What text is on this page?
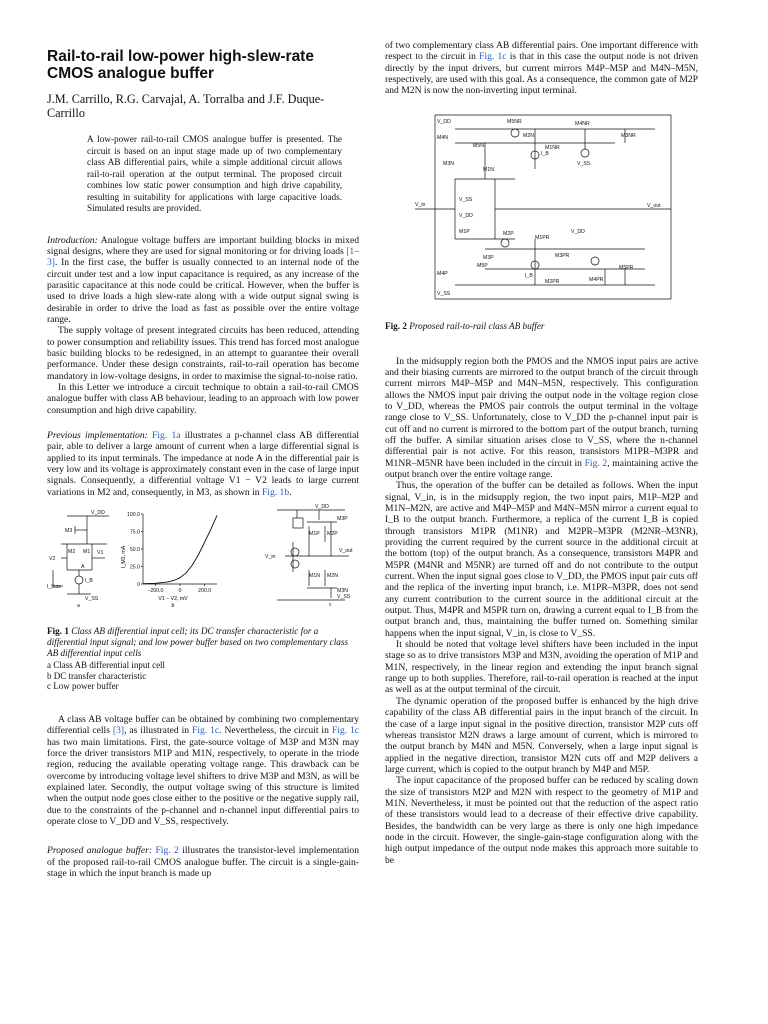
Rail-to-rail low-power high-slew-rate CMOS analogue buffer
J.M. Carrillo, R.G. Carvajal, A. Torralba and J.F. Duque-Carrillo
A low-power rail-to-rail CMOS analogue buffer is presented. The circuit is based on an input stage made up of two complementary class AB differential pairs, while a simple additional circuit allows rail-to-rail operation at the output terminal. The proposed circuit combines low static power consumption and high drive capability, resulting in suitability for applications with large capacitive loads. Simulated results are provided.

Introduction: Analogue voltage buffers are important building blocks in mixed signal designs, where they are used for signal monitoring or for driving loads [1–3]. In the first case, the buffer is usually connected to an internal node of the circuit under test and a low input capacitance is required, as any increase of the parasitic capacitance at this node could be critical. However, when the buffer is used to drive loads a high slew-rate along with a wide output signal swing is desirable in order to drive the load as fast as possible over the entire voltage range.

The supply voltage of present integrated circuits has been reduced, attending to power consumption and reliability issues. This trend has forced most analogue basic building blocks to be redesigned, in an attempt to guarantee their overall performance. Under these design constraints, rail-to-rail operation has become mandatory in low-voltage designs, in order to maximise the signal-to-noise ratio.

In this Letter we introduce a circuit technique to obtain a rail-to-rail CMOS analogue buffer with class AB behaviour, leading to an approach with low power consumption and high drive capability.

Previous implementation: Fig. 1a illustrates a p-channel class AB differential pair, able to deliver a large amount of current when a large differential signal is applied to its input terminals. The impedance at node A in the differential pair is very low and its voltage is approximately constant even in the case of large input signals. Consequently, a differential voltage V1 − V2 leads to large current variations in M2 and, consequently, in M3, as shown in Fig. 1b.

V_DD
M3
V2
M2 M1 V1
A
I_bias
I_B
V_SS
a
100.0
75.0
50.0
25.0
0
−200.0	0	200.0
I_M3, mA
V1 − V2, mV
b
V_DD
M3P
M1P M2P
V_in
V_out
M1N M2N
M3N
V_SS
c
Fig. 1 Class AB differential input cell; its DC transfer characteristic for a differential input signal; and low power buffer based on two complementary class AB differential input cells
a Class AB differential input cell
b DC transfer characteristic
c Low power buffer

A class AB voltage buffer can be obtained by combining two complementary differential cells [3], as illustrated in Fig. 1c. Nevertheless, the circuit in Fig. 1c has two main limitations. First, the gate-source voltage of M3P and M3N may force the driver transistors M1P and M1N, respectively, to operate in the triode region, reducing the available operating voltage range. This drawback can be overcome by introducing voltage level shifters to drive M3P and M3N, as will be explained later. Secondly, the output voltage swing of this structure is limited when the output node goes close either to the positive or the negative supply rail, due to the constraints of the p-channel and n-channel input differential pairs to operate close to V_DD and V_SS, respectively.

Proposed analogue buffer: Fig. 2 illustrates the transistor-level implementation of the proposed rail-to-rail CMOS analogue buffer. The circuit is a single-gain-stage in which the input branch is made up

of two complementary class AB differential pairs. One important difference with respect to the circuit in Fig. 1c is that in this case the output node is not driven directly by the input drivers, but current mirrors M4P–M5P and M4N–M5N, respectively, are used with this goal. As a consequence, the common gate of M2P and M2N is now the non-inverting input terminal.

V_DD	M5NR	M4NR
M3NR
M4N
M5N
M2N
I_B
M1NR
V_SS
M3N
M1N
V_in
V_SS
V_DD
V_out
M1P	M2P
M1PR
V_DD
M3P	M3PR
I_B
M2PR
M4P
M5P	M5PR
M4PR
V_SS
Fig. 2 Proposed rail-to-rail class AB buffer

In the midsupply region both the PMOS and the NMOS input pairs are active and their biasing currents are mirrored to the output branch of the circuit through current mirrors M4P–M5P and M4N–M5N, respectively. This configuration allows the NMOS input pair driving the output node in the voltage region close to V_DD, whereas the PMOS pair controls the output terminal in the voltage range close to V_SS. Unfortunately, close to V_DD the p-channel input pair is cut off and no current is mirrored to the bottom part of the output branch, turning off the buffer. A similar situation arises close to V_SS, where the n-channel differential pair is not active. For this reason, transistors M1PR–M3PR and M1NR–M5NR have been included in the circuit in Fig. 2, maintaining active the output branch over the entire voltage range.

Thus, the operation of the buffer can be detailed as follows. When the input signal, V_in, is in the midsupply region, the two input pairs, M1P–M2P and M1N–M2N, are active and M4P–M5P and M4N–M5N mirror a current equal to I_B to the output branch. Furthermore, a replica of the current I_B is copied through transistors M1PR (M1NR) and M2PR–M3PR (M2NR–M3NR), providing the current required by the current source in the additional circuit at the bottom (top) of the output branch. As a consequence, transistors M4PR and M5PR (M4NR and M5NR) are turned off and do not contribute to the output current. When the input signal goes close to V_DD, the PMOS input pair cuts off and the replica of the inverting input branch, i.e. M1PR–M3PR, does not send any current contribution to the current source in the additional circuit at the output. Thus, M4PR and M5PR turn on, drawing a current equal to I_B from the output branch and, thus, maintaining the buffer turned on. Something similar happens when the input signal, V_in, is close to V_SS.

It should be noted that voltage level shifters have been included in the input stage so as to drive transistors M3P and M3N, avoiding the operation of M1P and M1N, respectively, in the linear region and extending the input branch signal range up to both supplies. Therefore, rail-to-rail operation is reached at the input as well as at the output terminal of the circuit.

The dynamic operation of the proposed buffer is enhanced by the high drive capability of the class AB differential pairs in the input branch of the circuit. In the case of a large input signal in the positive direction, transistor M2P cuts off whereas transistor M2N draws a large amount of current, which is mirrored to the output branch by M4N and M5N. Conversely, when a large input signal is applied in the negative direction, transistor M2N cuts off and M2P delivers a large current, which is copied to the output branch by M4P and M5P.

The input capacitance of the proposed buffer can be reduced by scaling down the size of transistors M2P and M2N with respect to the geometry of M1P and M1N. Nevertheless, it must be pointed out that the reduction of the aspect ratio of these transistors would lead to a decrease of their effective drive capability. Besides, the bandwidth can be very large as there is only one high impedance node in the circuit. However, the single-gain-stage configuration along with the high output impedance of the output node makes this approach more suitable to be
